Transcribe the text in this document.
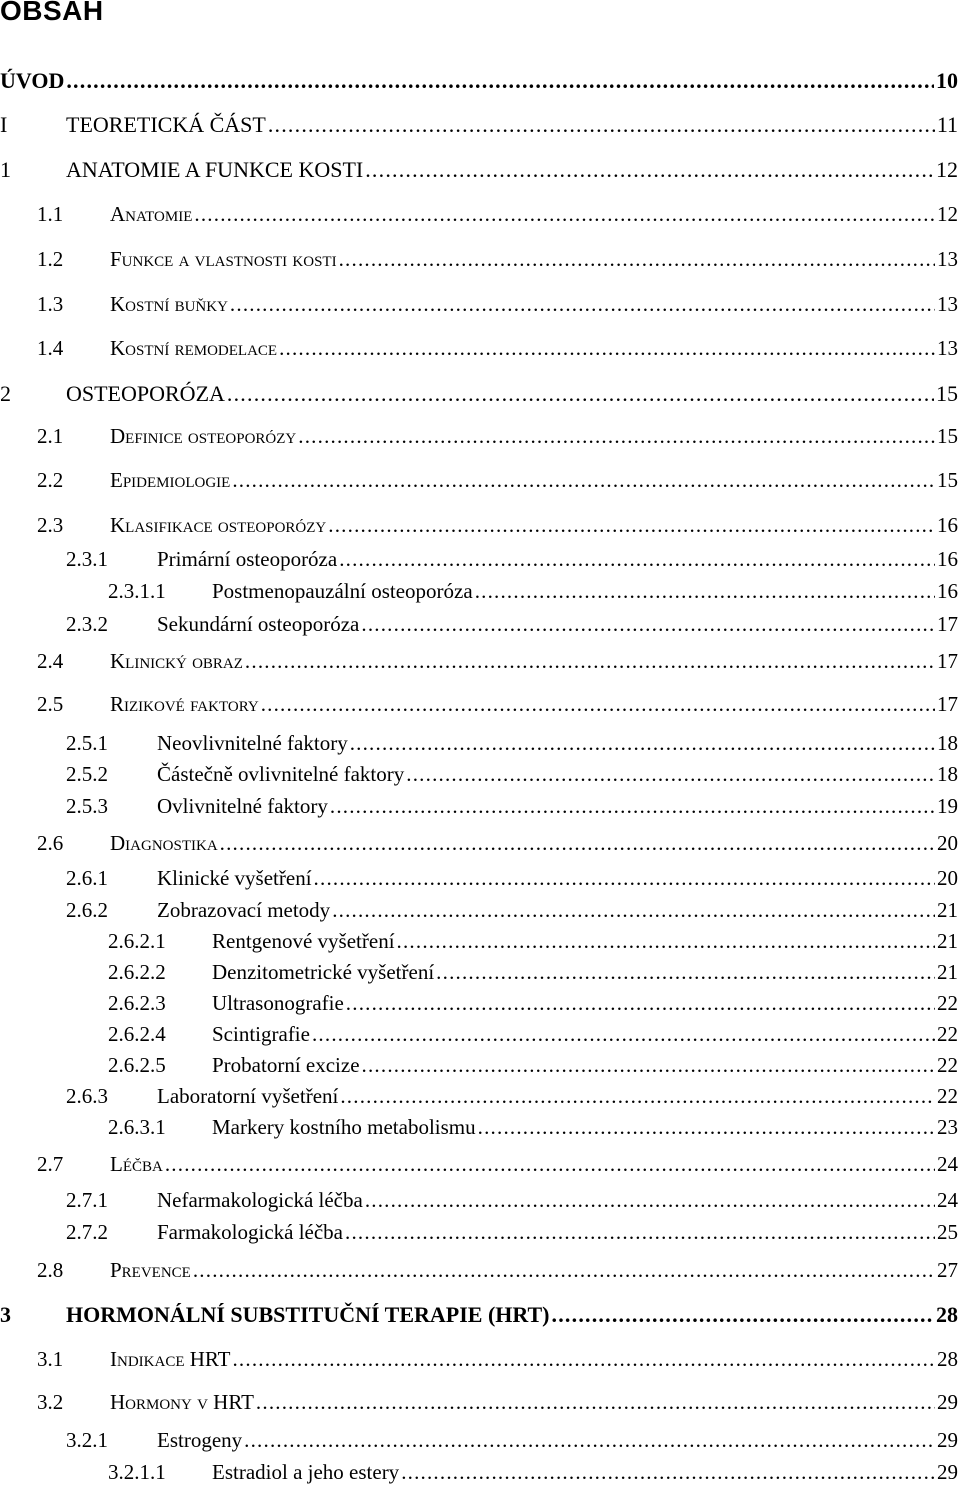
OBSAH
ÚVOD .....	10
I	TEORETICKÁ ČÁST .....	11
1	ANATOMIE A FUNKCE KOSTI .....	12
1.1 Anatomie .....	12
1.2 Funkce a vlastnosti kosti .....	13
1.3 Kostní buňky .....	13
1.4 Kostní remodelace .....	13
2	OSTEOPORÓZA .....	15
2.1 Definice osteoporózy .....	15
2.2 Epidemiologie .....	15
2.3 Klasifikace osteoporózy .....	16
2.3.1 Primární osteoporóza .....	16
2.3.1.1 Postmenopauzální osteoporóza .....	16
2.3.2 Sekundární osteoporóza .....	17
2.4 Klinický obraz .....	17
2.5 Rizikové faktory .....	17
2.5.1 Neovlivnitelné faktory .....	18
2.5.2 Částečně ovlivnitelné faktory .....	18
2.5.3 Ovlivnitelné faktory .....	19
2.6 Diagnostika .....	20
2.6.1 Klinické vyšetření .....	20
2.6.2 Zobrazovací metody .....	21
2.6.2.1 Rentgenové vyšetření .....	21
2.6.2.2 Denzitometrické vyšetření .....	21
2.6.2.3 Ultrasonografie .....	22
2.6.2.4 Scintigrafie .....	22
2.6.2.5 Probatorní excize .....	22
2.6.3 Laboratorní vyšetření .....	22
2.6.3.1 Markery kostního metabolismu .....	23
2.7 Léčba .....	24
2.7.1 Nefarmakologická léčba .....	24
2.7.2 Farmakologická léčba .....	25
2.8 Prevence .....	27
3	HORMONÁLNÍ SUBSTITUČNÍ TERAPIE (HRT) .....	28
3.1 Indikace HRT .....	28
3.2 Hormony v HRT .....	29
3.2.1 Estrogeny .....	29
3.2.1.1 Estradiol a jeho estery .....	29
